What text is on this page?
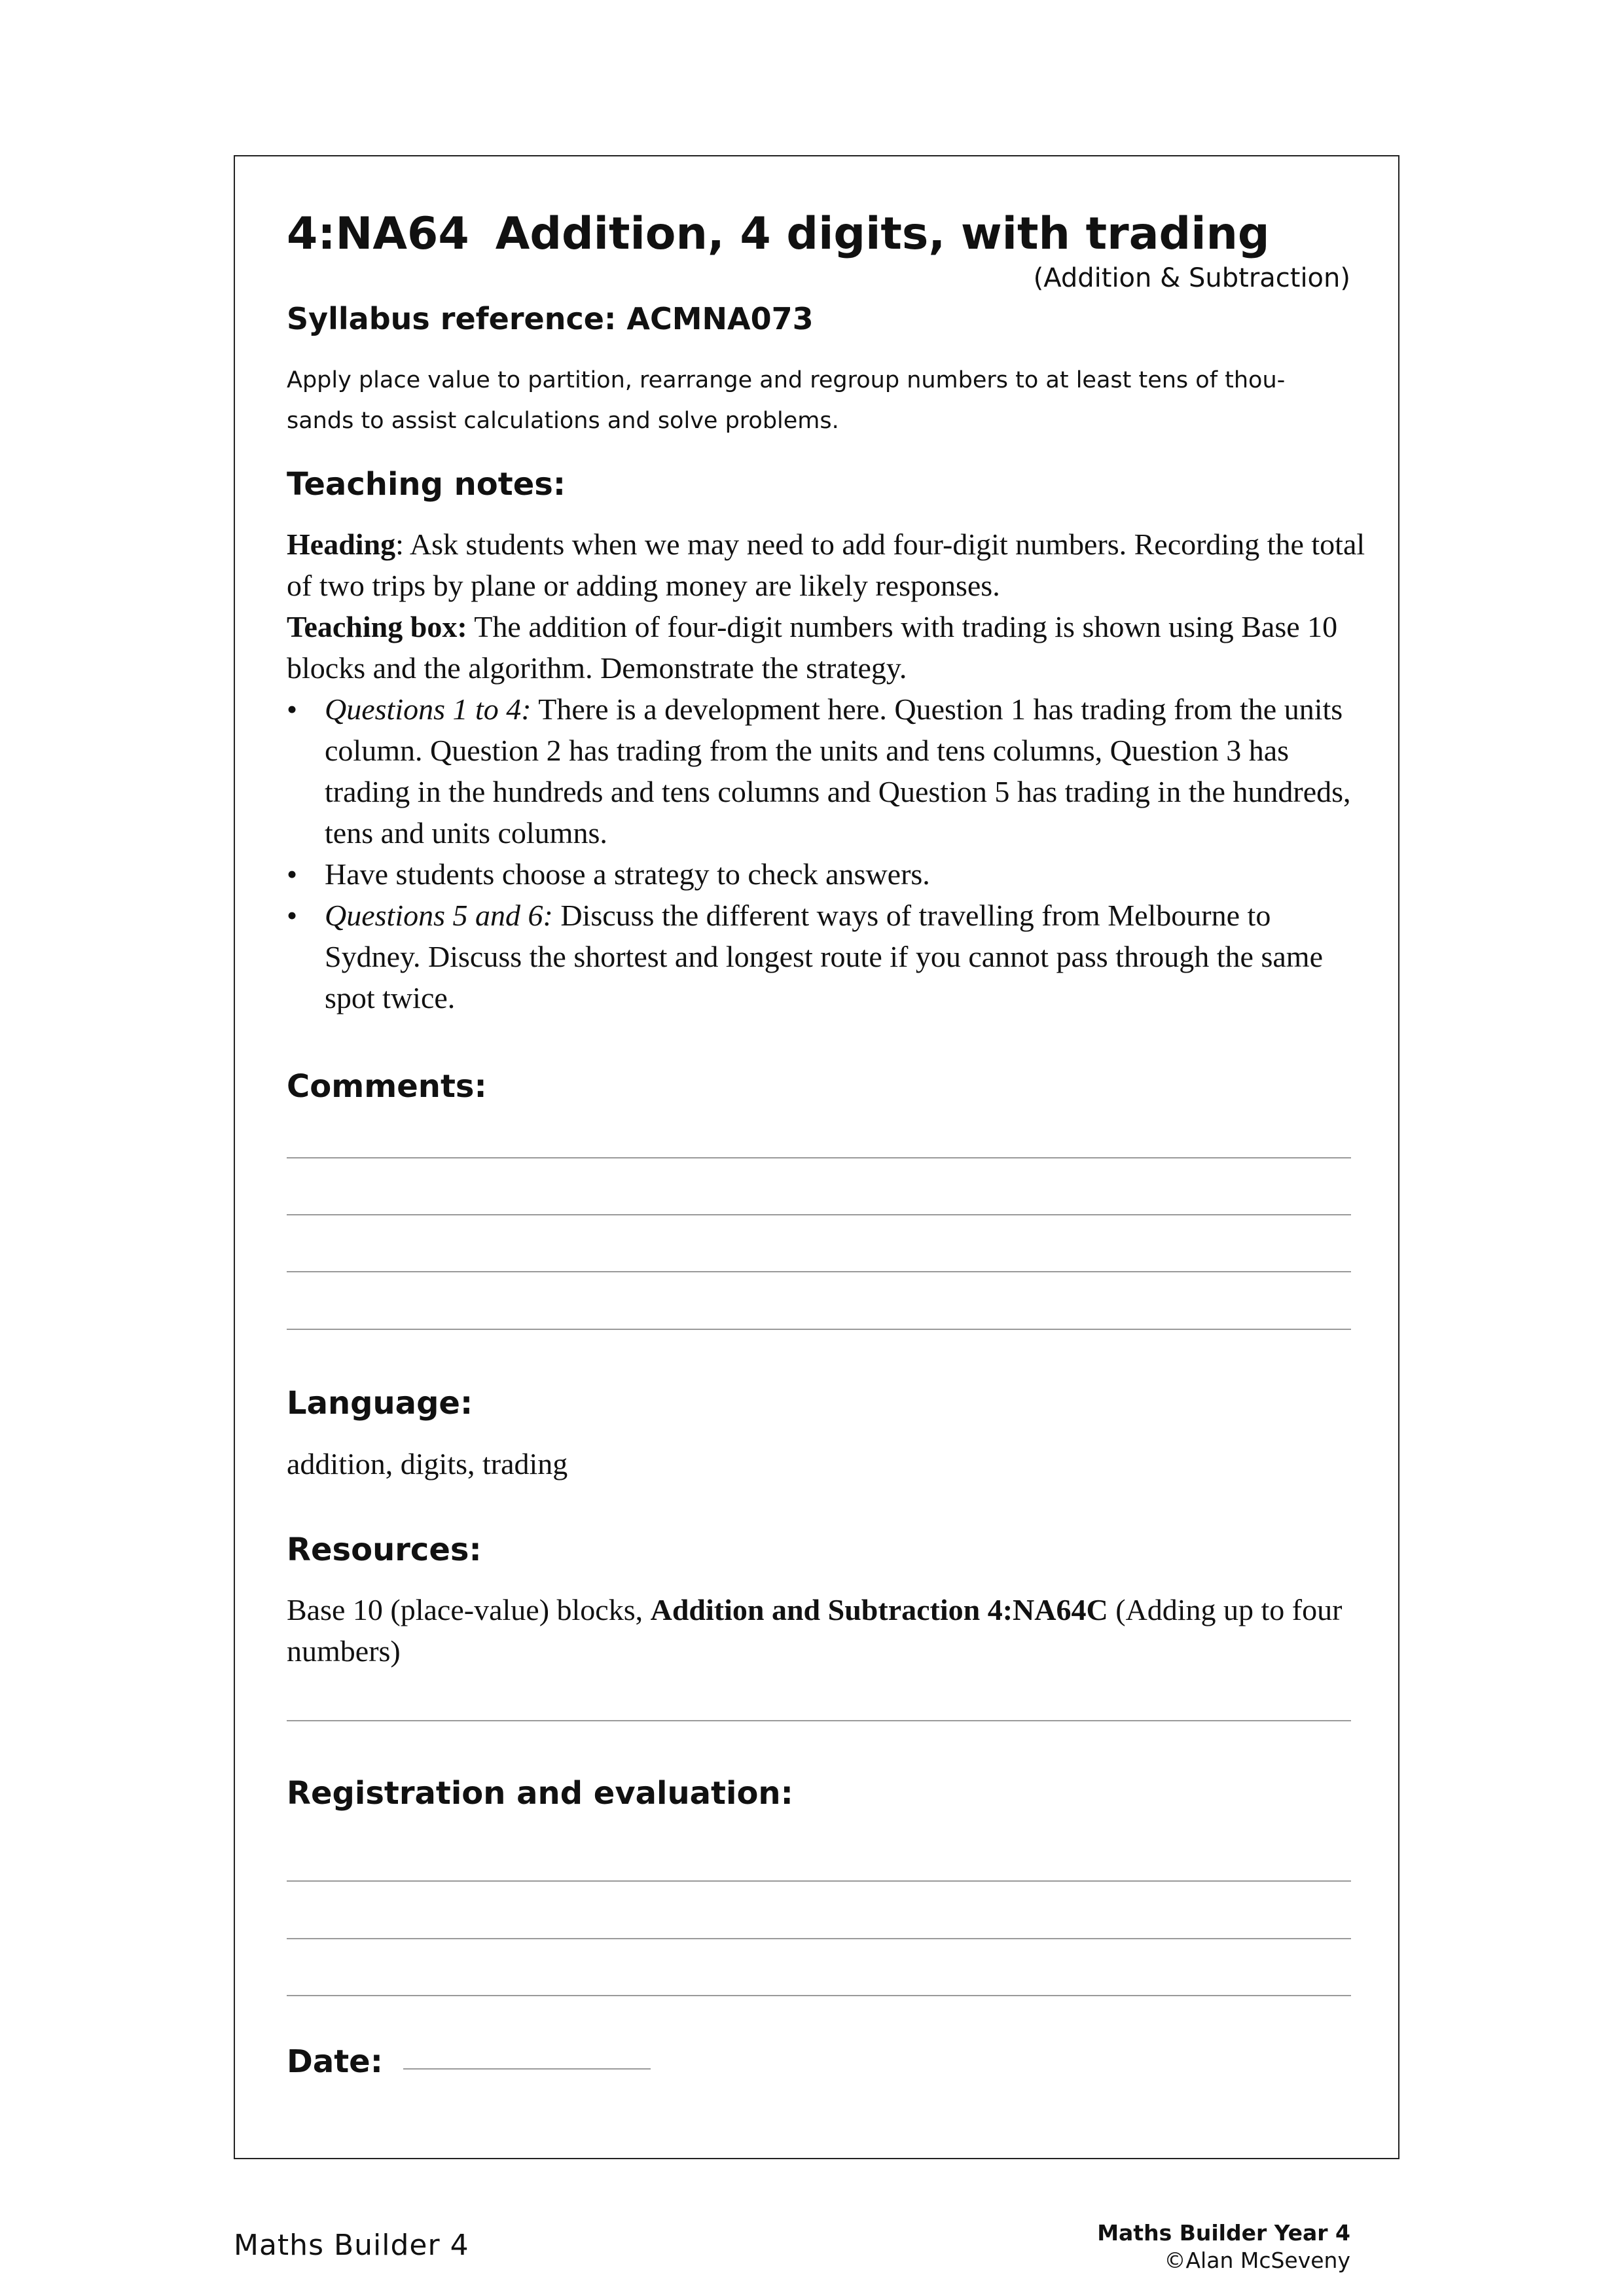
4:NA64 Addition, 4 digits, with trading
(Addition & Subtraction)
Syllabus reference: ACMNA073
Apply place value to partition, rearrange and regroup numbers to at least tens of thou-
sands to assist calculations and solve problems.
Teaching notes:
Heading: Ask students when we may need to add four-digit numbers. Recording the total of two trips by plane or adding money are likely responses.
Teaching box: The addition of four-digit numbers with trading is shown using Base 10 blocks and the algorithm. Demonstrate the strategy.
• Questions 1 to 4: There is a development here. Question 1 has trading from the units column. Question 2 has trading from the units and tens columns, Question 3 has trading in the hundreds and tens columns and Question 5 has trading in the hundreds, tens and units columns.
• Have students choose a strategy to check answers.
• Questions 5 and 6: Discuss the different ways of travelling from Melbourne to Sydney. Discuss the shortest and longest route if you cannot pass through the same spot twice.
Comments:
Language:
addition, digits, trading
Resources:
Base 10 (place-value) blocks, Addition and Subtraction 4:NA64C (Adding up to four numbers)
Registration and evaluation:
Date:
Maths Builder 4	Maths Builder Year 4
©Alan McSeveny
